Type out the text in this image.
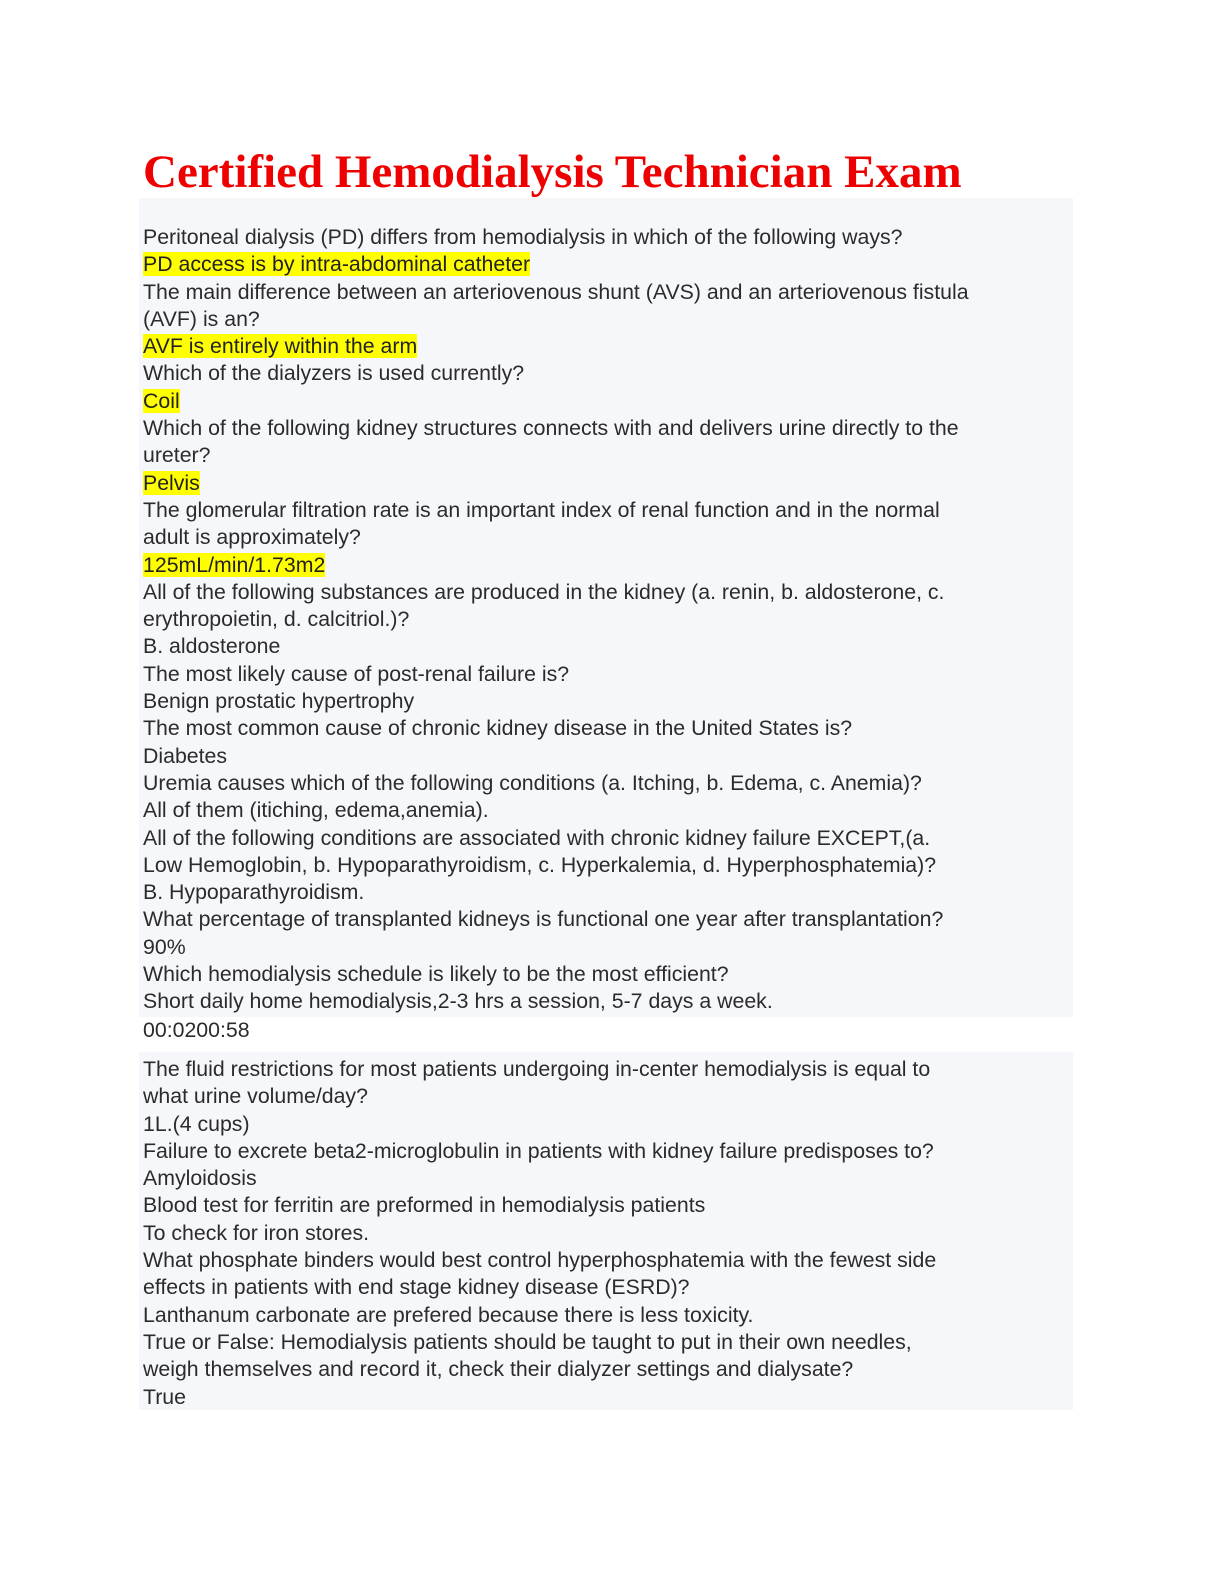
Certified Hemodialysis Technician Exam
Peritoneal dialysis (PD) differs from hemodialysis in which of the following ways?
PD access is by intra-abdominal catheter
The main difference between an arteriovenous shunt (AVS) and an arteriovenous fistula
(AVF) is an?
AVF is entirely within the arm
Which of the dialyzers is used currently?
Coil
Which of the following kidney structures connects with and delivers urine directly to the
ureter?
Pelvis
The glomerular filtration rate is an important index of renal function and in the normal
adult is approximately?
125mL/min/1.73m2
All of the following substances are produced in the kidney (a. renin, b. aldosterone, c.
erythropoietin, d. calcitriol.)?
B. aldosterone
The most likely cause of post-renal failure is?
Benign prostatic hypertrophy
The most common cause of chronic kidney disease in the United States is?
Diabetes
Uremia causes which of the following conditions (a. Itching, b. Edema, c. Anemia)?
All of them (itiching, edema,anemia).
All of the following conditions are associated with chronic kidney failure EXCEPT,(a.
Low Hemoglobin, b. Hypoparathyroidism, c. Hyperkalemia, d. Hyperphosphatemia)?
B. Hypoparathyroidism.
What percentage of transplanted kidneys is functional one year after transplantation?
90%
Which hemodialysis schedule is likely to be the most efficient?
Short daily home hemodialysis,2-3 hrs a session, 5-7 days a week.
00:0200:58
The fluid restrictions for most patients undergoing in-center hemodialysis is equal to
what urine volume/day?
1L.(4 cups)
Failure to excrete beta2-microglobulin in patients with kidney failure predisposes to?
Amyloidosis
Blood test for ferritin are preformed in hemodialysis patients
To check for iron stores.
What phosphate binders would best control hyperphosphatemia with the fewest side
effects in patients with end stage kidney disease (ESRD)?
Lanthanum carbonate are prefered because there is less toxicity.
True or False: Hemodialysis patients should be taught to put in their own needles,
weigh themselves and record it, check their dialyzer settings and dialysate?
True
